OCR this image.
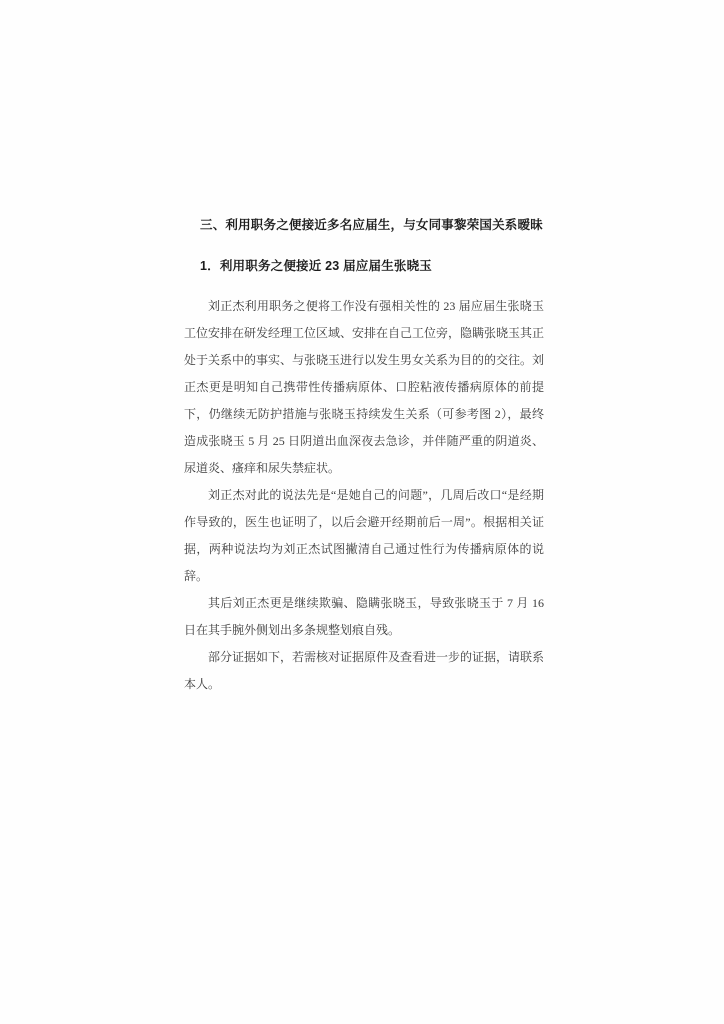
三、利用职务之便接近多名应届生，与女同事黎荣国关系暧昧
1．利用职务之便接近 23 届应届生张晓玉

刘正杰利用职务之便将工作没有强相关性的 23 届应届生张晓玉工位安排在研发经理工位区域、安排在自己工位旁，隐瞒张晓玉其正处于关系中的事实、与张晓玉进行以发生男女关系为目的的交往。刘正杰更是明知自己携带性传播病原体、口腔粘液传播病原体的前提下，仍继续无防护措施与张晓玉持续发生关系（可参考图 2），最终造成张晓玉 5 月 25 日阴道出血深夜去急诊，并伴随严重的阴道炎、尿道炎、瘙痒和尿失禁症状。

刘正杰对此的说法先是“是她自己的问题”，几周后改口“是经期作导致的，医生也证明了，以后会避开经期前后一周”。根据相关证据，两种说法均为刘正杰试图撇清自己通过性行为传播病原体的说辞。

其后刘正杰更是继续欺骗、隐瞒张晓玉，导致张晓玉于 7 月 16日在其手腕外侧划出多条规整划痕自残。

部分证据如下，若需核对证据原件及查看进一步的证据，请联系本人。
